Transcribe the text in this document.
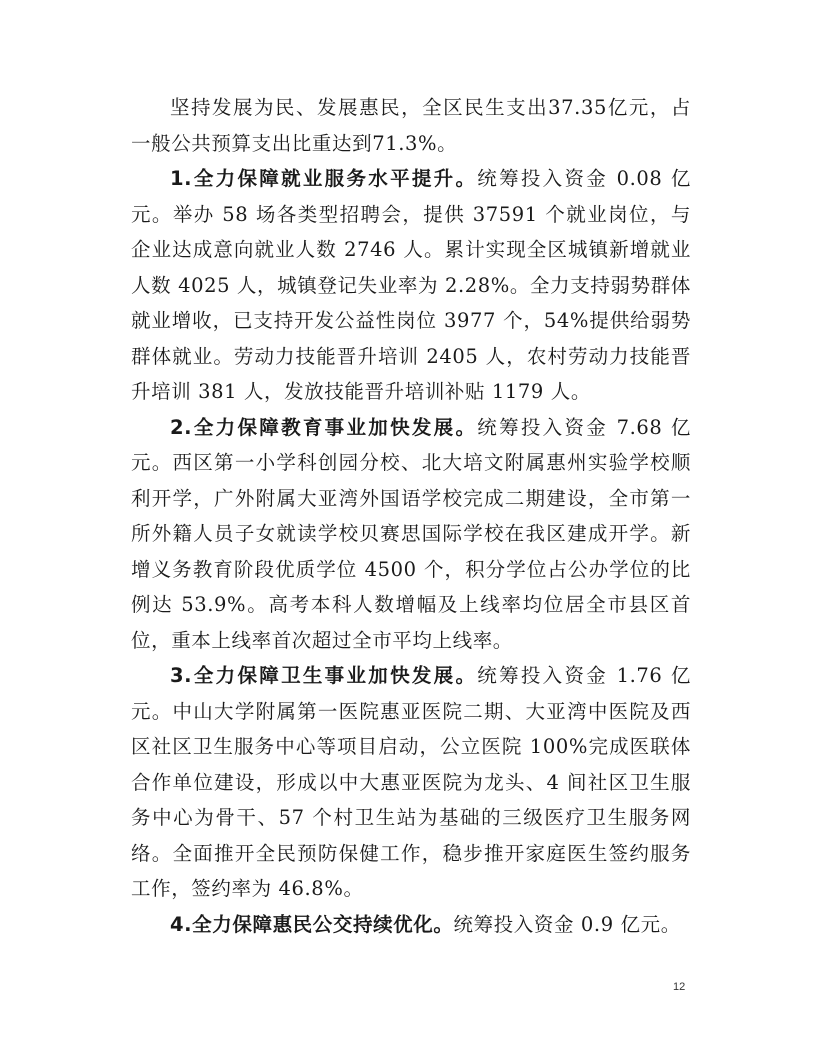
坚持发展为民、发展惠民，全区民生支出37.35亿元，占一般公共预算支出比重达到71.3%。

1.全力保障就业服务水平提升。统筹投入资金 0.08 亿元。举办 58 场各类型招聘会，提供 37591 个就业岗位，与企业达成意向就业人数 2746 人。累计实现全区城镇新增就业人数 4025 人，城镇登记失业率为 2.28%。全力支持弱势群体就业增收，已支持开发公益性岗位 3977 个，54%提供给弱势群体就业。劳动力技能晋升培训 2405 人，农村劳动力技能晋升培训 381 人，发放技能晋升培训补贴 1179 人。

2.全力保障教育事业加快发展。统筹投入资金 7.68 亿元。西区第一小学科创园分校、北大培文附属惠州实验学校顺利开学，广外附属大亚湾外国语学校完成二期建设，全市第一所外籍人员子女就读学校贝赛思国际学校在我区建成开学。新增义务教育阶段优质学位 4500 个，积分学位占公办学位的比例达 53.9%。高考本科人数增幅及上线率均位居全市县区首位，重本上线率首次超过全市平均上线率。

3.全力保障卫生事业加快发展。统筹投入资金 1.76 亿元。中山大学附属第一医院惠亚医院二期、大亚湾中医院及西区社区卫生服务中心等项目启动，公立医院 100%完成医联体合作单位建设，形成以中大惠亚医院为龙头、4 间社区卫生服务中心为骨干、57 个村卫生站为基础的三级医疗卫生服务网络。全面推开全民预防保健工作，稳步推开家庭医生签约服务工作，签约率为 46.8%。

4.全力保障惠民公交持续优化。统筹投入资金 0.9 亿元。

12
